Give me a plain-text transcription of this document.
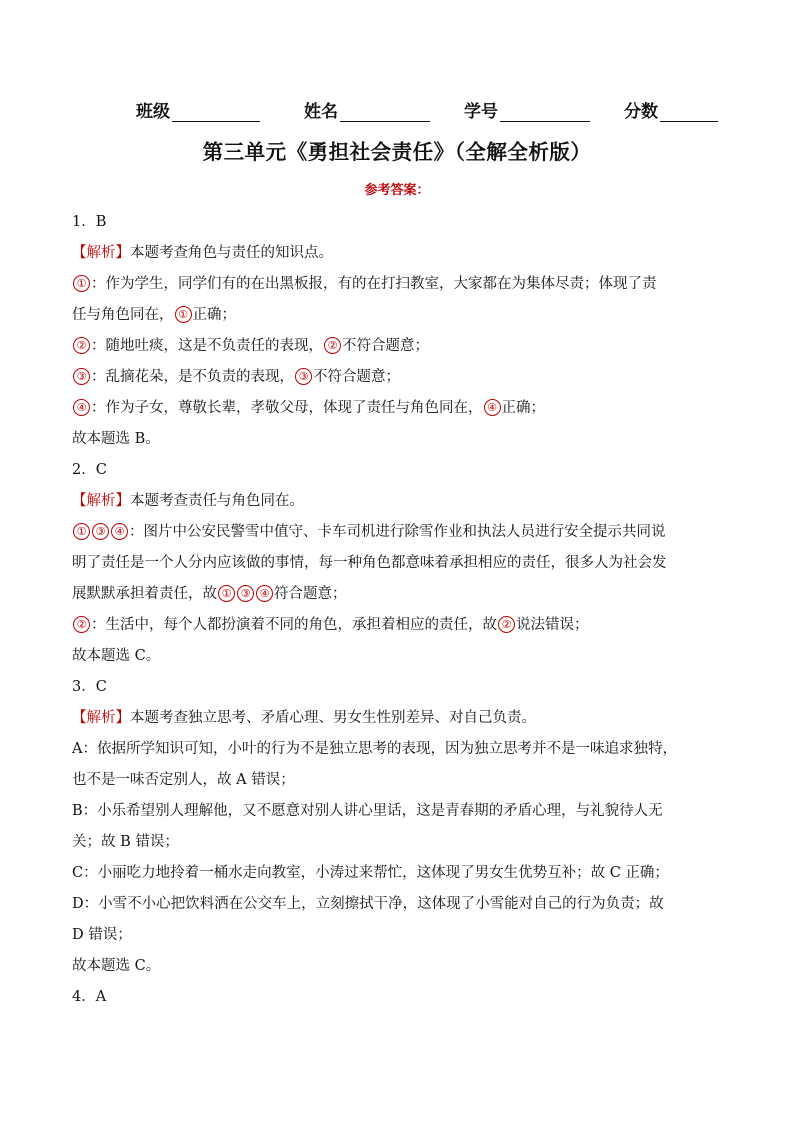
班级	姓名	学号	分数
第三单元《勇担社会责任》（全解全析版）
参考答案：
1．B
【解析】本题考查角色与责任的知识点。
① ：作为学生，同学们有的在出黑板报，有的在打扫教室，大家都在为集体尽责；体现了责
任与角色同在， ① 正确；
② ：随地吐痰，这是不负责任的表现， ② 不符合题意；
③ ：乱摘花朵，是不负责的表现， ③ 不符合题意；
④ ：作为子女，尊敬长辈，孝敬父母，体现了责任与角色同在， ④ 正确；
故本题选 B。
2．C
【解析】本题考查责任与角色同在。
① ③ ④ ：图片中公安民警雪中值守、卡车司机进行除雪作业和执法人员进行安全提示共同说
明了责任是一个人分内应该做的事情，每一种角色都意味着承担相应的责任，很多人为社会发
展默默承担着责任，故 ① ③ ④ 符合题意；
② ：生活中，每个人都扮演着不同的角色，承担着相应的责任，故 ② 说法错误；
故本题选 C。
3．C
【解析】本题考查独立思考、矛盾心理、男女生性别差异、对自己负责。
A：依据所学知识可知，小叶的行为不是独立思考的表现，因为独立思考并不是一味追求独特，
也不是一味否定别人，故 A 错误；
B：小乐希望别人理解他，又不愿意对别人讲心里话，这是青春期的矛盾心理，与礼貌待人无
关；故 B 错误；
C：小丽吃力地拎着一桶水走向教室，小涛过来帮忙，这体现了男女生优势互补；故 C 正确；
D：小雪不小心把饮料洒在公交车上，立刻擦拭干净，这体现了小雪能对自己的行为负责；故
D 错误；
故本题选 C。
4．A
